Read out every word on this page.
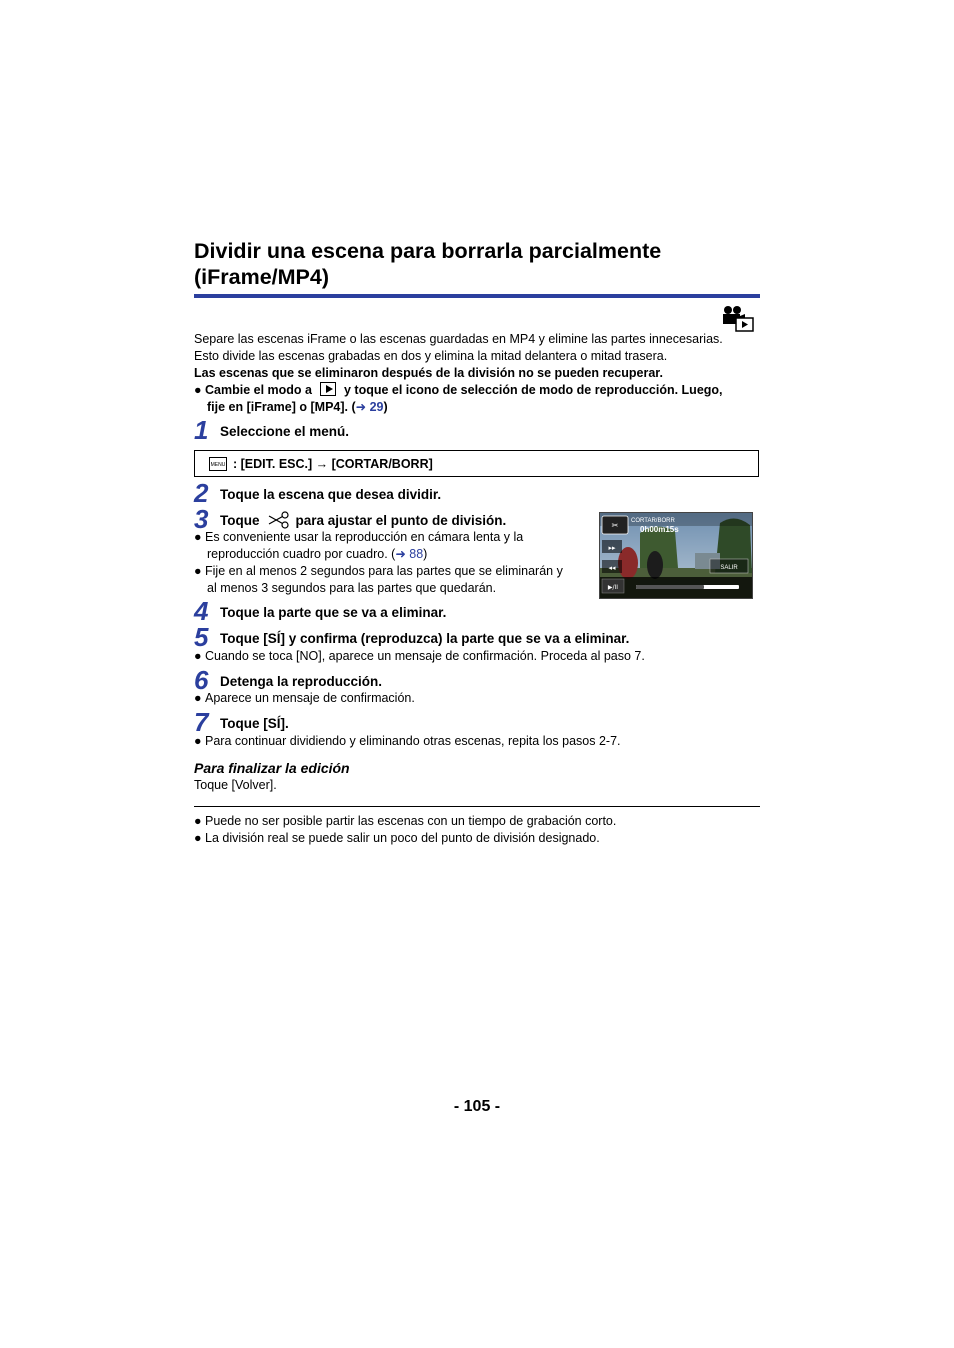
Dividir una escena para borrarla parcialmente
(iFrame/MP4)
Separe las escenas iFrame o las escenas guardadas en MP4 y elimine las partes innecesarias.
Esto divide las escenas grabadas en dos y elimina la mitad delantera o mitad trasera.
Las escenas que se eliminaron después de la división no se pueden recuperar.
● Cambie el modo a	y toque el icono de selección de modo de reproducción. Luego,
fije en [iFrame] o [MP4]. (➜ 29)
1 Seleccione el menú.
MENU : [EDIT. ESC.] → [CORTAR/BORR]
2 Toque la escena que desea dividir.
3 Toque	para ajustar el punto de división.
● Es conveniente usar la reproducción en cámara lenta y la
reproducción cuadro por cuadro. (➜ 88)
● Fije en al menos 2 segundos para las partes que se eliminarán y
al menos 3 segundos para las partes que quedarán.
✂ CORTAR/BORR
0h00m15s
▸▸
◂◂	SALIR
▶/II
4 Toque la parte que se va a eliminar.
5 Toque [SÍ] y confirma (reproduzca) la parte que se va a eliminar.
● Cuando se toca [NO], aparece un mensaje de confirmación. Proceda al paso 7.
6 Detenga la reproducción.
● Aparece un mensaje de confirmación.
7 Toque [SÍ].
● Para continuar dividiendo y eliminando otras escenas, repita los pasos 2-7.
Para finalizar la edición
Toque [Volver].
● Puede no ser posible partir las escenas con un tiempo de grabación corto.
● La división real se puede salir un poco del punto de división designado.
- 105 -
